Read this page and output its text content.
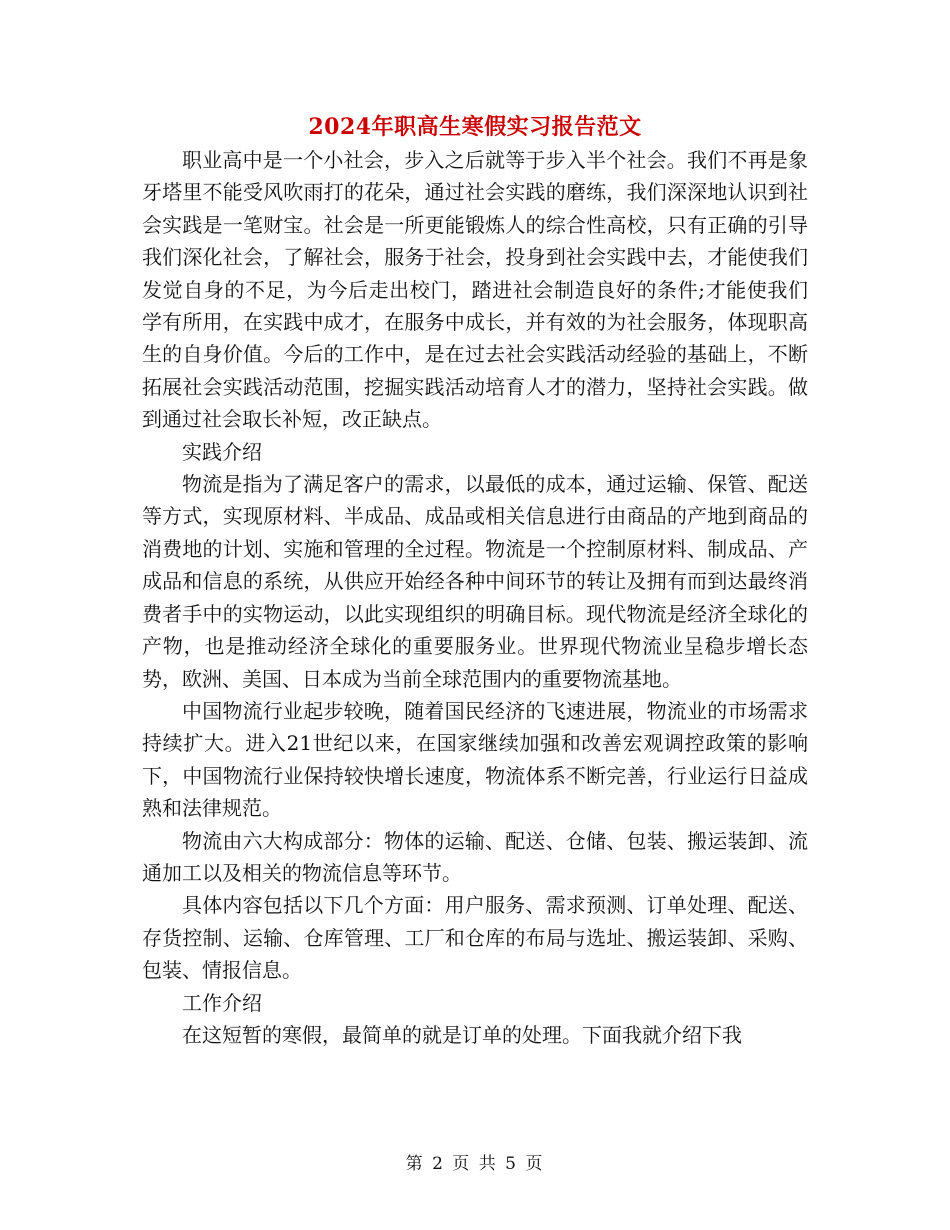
2024年职高生寒假实习报告范文

职业高中是一个小社会，步入之后就等于步入半个社会。我们不再是象牙塔里不能受风吹雨打的花朵，通过社会实践的磨练，我们深深地认识到社会实践是一笔财宝。社会是一所更能锻炼人的综合性高校，只有正确的引导我们深化社会，了解社会，服务于社会，投身到社会实践中去，才能使我们发觉自身的不足，为今后走出校门，踏进社会制造良好的条件;才能使我们学有所用，在实践中成才，在服务中成长，并有效的为社会服务，体现职高生的自身价值。今后的工作中，是在过去社会实践活动经验的基础上，不断拓展社会实践活动范围，挖掘实践活动培育人才的潜力，坚持社会实践。做到通过社会取长补短，改正缺点。

实践介绍

物流是指为了满足客户的需求，以最低的成本，通过运输、保管、配送等方式，实现原材料、半成品、成品或相关信息进行由商品的产地到商品的消费地的计划、实施和管理的全过程。物流是一个控制原材料、制成品、产成品和信息的系统，从供应开始经各种中间环节的转让及拥有而到达最终消费者手中的实物运动，以此实现组织的明确目标。现代物流是经济全球化的产物，也是推动经济全球化的重要服务业。世界现代物流业呈稳步增长态势，欧洲、美国、日本成为当前全球范围内的重要物流基地。

中国物流行业起步较晚，随着国民经济的飞速进展，物流业的市场需求持续扩大。进入21世纪以来，在国家继续加强和改善宏观调控政策的影响下，中国物流行业保持较快增长速度，物流体系不断完善，行业运行日益成熟和法律规范。

物流由六大构成部分：物体的运输、配送、仓储、包装、搬运装卸、流通加工以及相关的物流信息等环节。

具体内容包括以下几个方面：用户服务、需求预测、订单处理、配送、存货控制、运输、仓库管理、工厂和仓库的布局与选址、搬运装卸、采购、包装、情报信息。

工作介绍

在这短暂的寒假，最简单的就是订单的处理。下面我就介绍下我

第 2 页 共 5 页
